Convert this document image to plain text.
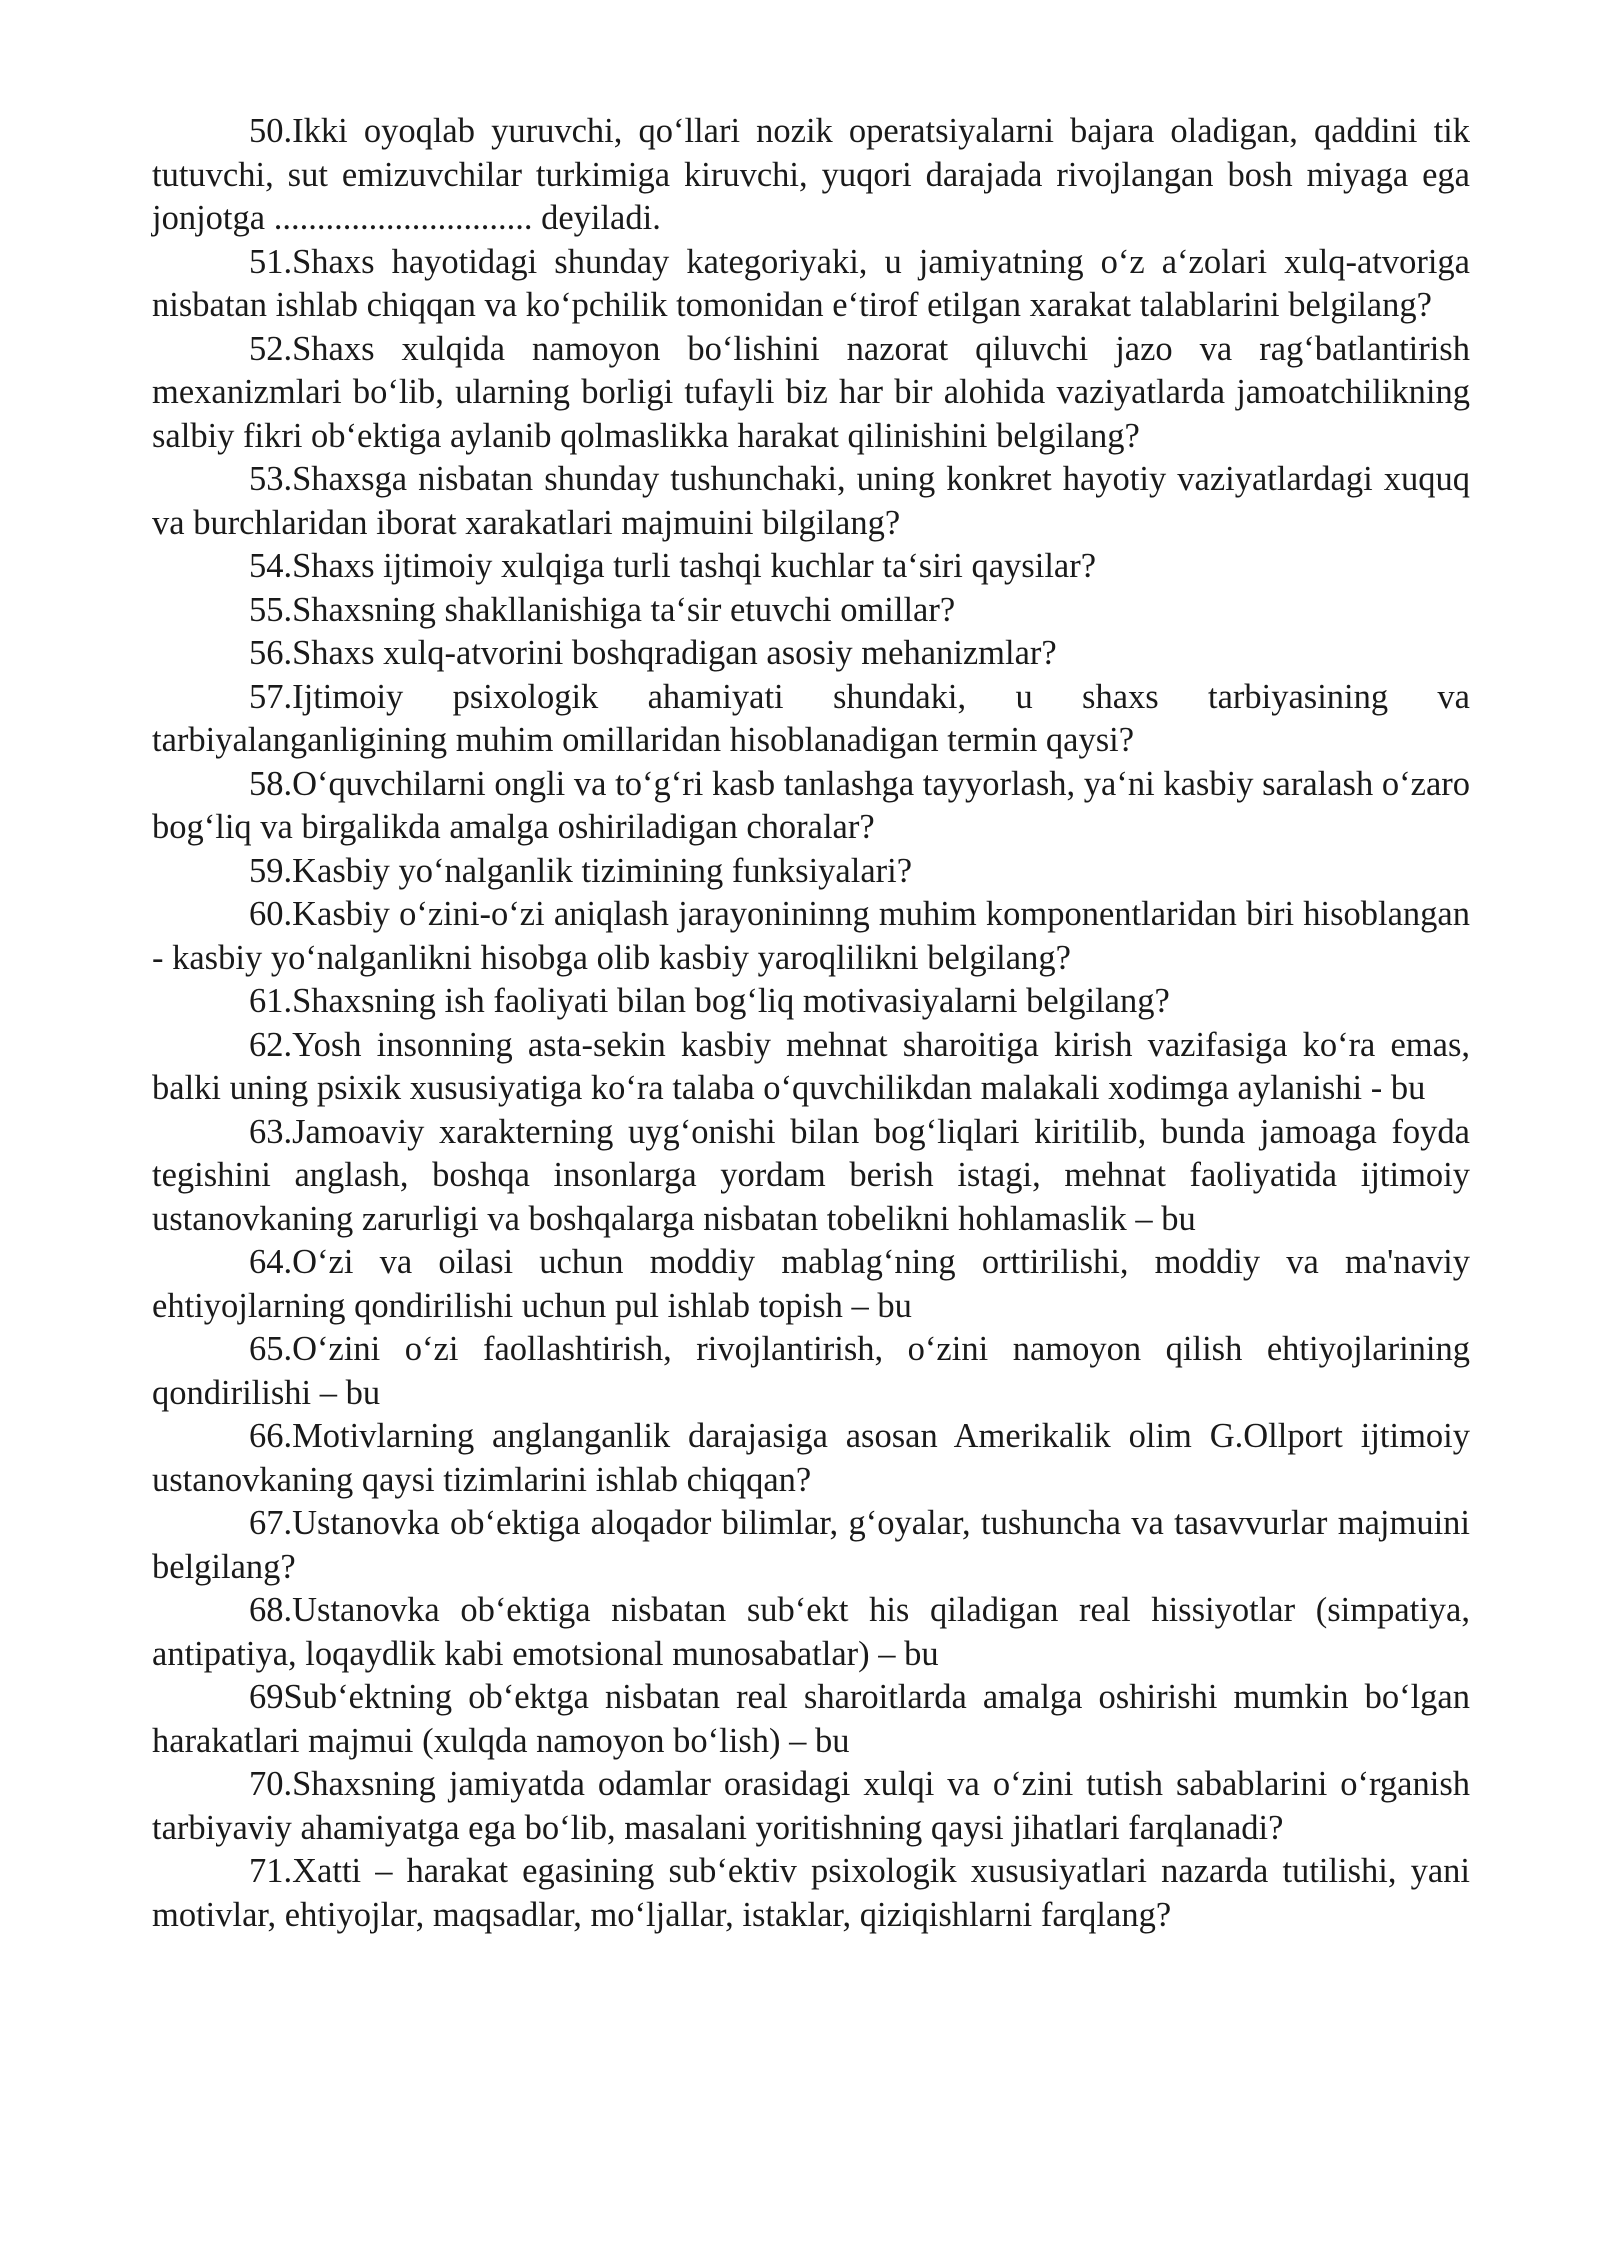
50.Ikki oyoqlab yuruvchi, qo‘llari nozik operatsiyalarni bajara oladigan, qaddini tik tutuvchi, sut emizuvchilar turkimiga kiruvchi, yuqori darajada rivojlangan bosh miyaga ega jonjotga .............................. deyiladi.

51.Shaxs hayotidagi shunday kategoriyaki, u jamiyatning o‘z a‘zolari xulq-atvoriga nisbatan ishlab chiqqan va ko‘pchilik tomonidan e‘tirof etilgan xarakat talablarini belgilang?

52.Shaxs xulqida namoyon bo‘lishini nazorat qiluvchi jazo va rag‘batlantirish mexanizmlari bo‘lib, ularning borligi tufayli biz har bir alohida vaziyatlarda jamoatchilikning salbiy fikri ob‘ektiga aylanib qolmaslikka harakat qilinishini belgilang?

53.Shaxsga nisbatan shunday tushunchaki, uning konkret hayotiy vaziyatlardagi xuquq va burchlaridan iborat xarakatlari majmuini bilgilang?

54.Shaxs ijtimoiy xulqiga turli tashqi kuchlar ta‘siri qaysilar?

55.Shaxsning shakllanishiga ta‘sir etuvchi omillar?

56.Shaxs xulq-atvorini boshqradigan asosiy mehanizmlar?

57.Ijtimoiy psixologik ahamiyati shundaki, u shaxs tarbiyasining va tarbiyalanganligining muhim omillaridan hisoblanadigan termin qaysi?

58.O‘quvchilarni ongli va to‘g‘ri kasb tanlashga tayyorlash, ya‘ni kasbiy saralash o‘zaro bog‘liq va birgalikda amalga oshiriladigan choralar?

59.Kasbiy yo‘nalganlik tizimining funksiyalari?

60.Kasbiy o‘zini-o‘zi aniqlash jarayonininng muhim komponentlaridan biri hisoblangan - kasbiy yo‘nalganlikni hisobga olib kasbiy yaroqlilikni belgilang?

61.Shaxsning ish faoliyati bilan bog‘liq motivasiyalarni belgilang?

62.Yosh insonning asta-sekin kasbiy mehnat sharoitiga kirish vazifasiga ko‘ra emas, balki uning psixik xususiyatiga ko‘ra talaba o‘quvchilikdan malakali xodimga aylanishi - bu

63.Jamoaviy xarakterning uyg‘onishi bilan bog‘liqlari kiritilib, bunda jamoaga foyda tegishini anglash, boshqa insonlarga yordam berish istagi, mehnat faoliyatida ijtimoiy ustanovkaning zarurligi va boshqalarga nisbatan tobelikni hohlamaslik – bu

64.O‘zi va oilasi uchun moddiy mablag‘ning orttirilishi, moddiy va ma'naviy ehtiyojlarning qondirilishi uchun pul ishlab topish – bu

65.O‘zini o‘zi faollashtirish, rivojlantirish, o‘zini namoyon qilish ehtiyojlarining qondirilishi – bu

66.Motivlarning anglanganlik darajasiga asosan Amerikalik olim G.Ollport ijtimoiy ustanovkaning qaysi tizimlarini ishlab chiqqan?

67.Ustanovka ob‘ektiga aloqador bilimlar, g‘oyalar, tushuncha va tasavvurlar majmuini belgilang?

68.Ustanovka ob‘ektiga nisbatan sub‘ekt his qiladigan real hissiyotlar (simpatiya, antipatiya, loqaydlik kabi emotsional munosabatlar) – bu

69Sub‘ektning ob‘ektga nisbatan real sharoitlarda amalga oshirishi mumkin bo‘lgan harakatlari majmui (xulqda namoyon bo‘lish) – bu

70.Shaxsning jamiyatda odamlar orasidagi xulqi va o‘zini tutish sabablarini o‘rganish tarbiyaviy ahamiyatga ega bo‘lib, masalani yoritishning qaysi jihatlari farqlanadi?

71.Xatti – harakat egasining sub‘ektiv psixologik xususiyatlari nazarda tutilishi, yani motivlar, ehtiyojlar, maqsadlar, mo‘ljallar, istaklar, qiziqishlarni farqlang?
